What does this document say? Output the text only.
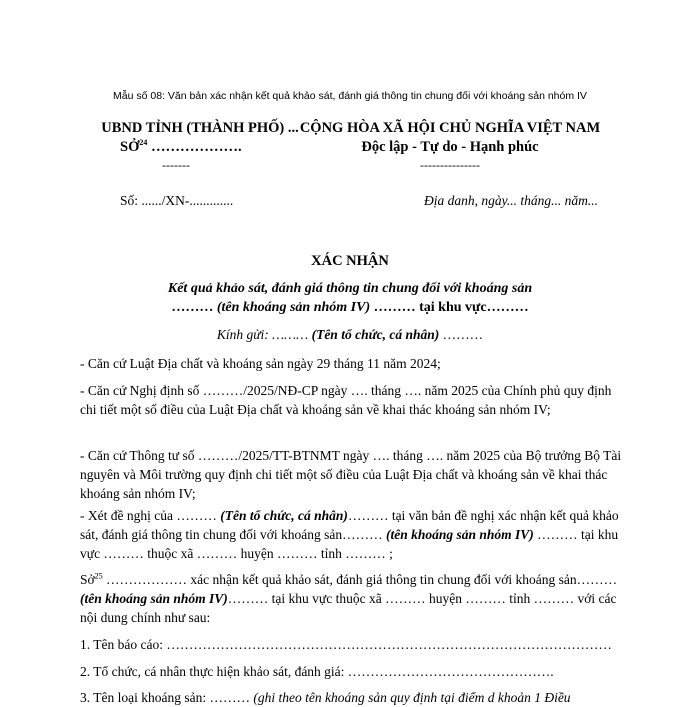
Mẫu số 08: Văn bản xác nhận kết quả khảo sát, đánh giá thông tin chung đối với khoáng sản nhóm IV
UBND TỈNH (THÀNH PHỐ) ...
SỞ$^{24}$ ……………….
-------
CỘNG HÒA XÃ HỘI CHỦ NGHĨA VIỆT NAM
Độc lập - Tự do - Hạnh phúc
---------------
Số: ....../XN-.............	Địa danh, ngày... tháng... năm...
XÁC NHẬN
Kết quả khảo sát, đánh giá thông tin chung đối với khoáng sản
……… (tên khoáng sản nhóm IV) ……… tại khu vực………
Kính gửi: ……… (Tên tổ chức, cá nhân) ………
- Căn cứ Luật Địa chất và khoáng sản ngày 29 tháng 11 năm 2024;
- Căn cứ Nghị định số ………/2025/NĐ-CP ngày …. tháng …. năm 2025 của Chính phủ quy định chi tiết một số điều của Luật Địa chất và khoáng sản về khai thác khoáng sản nhóm IV;
- Căn cứ Thông tư số ………/2025/TT-BTNMT ngày …. tháng …. năm 2025 của Bộ trưởng Bộ Tài nguyên và Môi trường quy định chi tiết một số điều của Luật Địa chất và khoáng sản về khai thác khoáng sản nhóm IV;
- Xét đề nghị của ……… (Tên tổ chức, cá nhân)……… tại văn bản đề nghị xác nhận kết quả khảo sát, đánh giá thông tin chung đối với khoáng sản……… (tên khoáng sản nhóm IV) ……… tại khu vực ……… thuộc xã ……… huyện ……… tỉnh ……… ;
Sở$^{25}$ ……………… xác nhận kết quả khảo sát, đánh giá thông tin chung đối với khoáng sản……… (tên khoáng sản nhóm IV)……… tại khu vực thuộc xã ……… huyện ……… tỉnh ……… với các nội dung chính như sau:
1. Tên báo cáo: ………………………………………………………………………………………
2. Tổ chức, cá nhân thực hiện khảo sát, đánh giá: ……………………………………….
3. Tên loại khoáng sản: ……… (ghi theo tên khoáng sản quy định tại điểm d khoản 1 Điều
